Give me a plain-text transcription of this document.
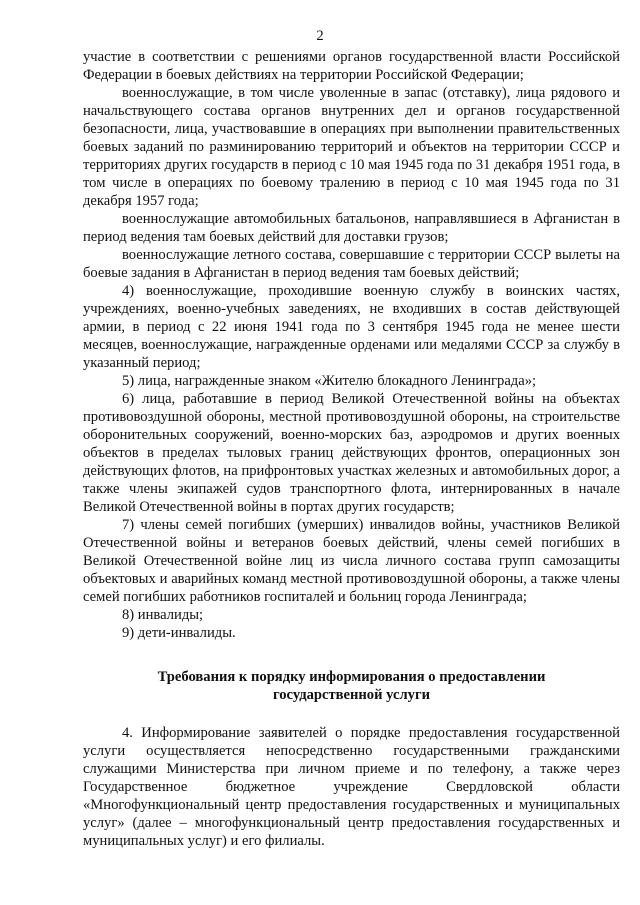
2

участие в соответствии с решениями органов государственной власти Российской Федерации в боевых действиях на территории Российской Федерации;

военнослужащие, в том числе уволенные в запас (отставку), лица рядового и начальствующего состава органов внутренних дел и органов государственной безопасности, лица, участвовавшие в операциях при выполнении правительственных боевых заданий по разминированию территорий и объектов на территории СССР и территориях других государств в период с 10 мая 1945 года по 31 декабря 1951 года, в том числе в операциях по боевому тралению в период с 10 мая 1945 года по 31 декабря 1957 года;

военнослужащие автомобильных батальонов, направлявшиеся в Афганистан в период ведения там боевых действий для доставки грузов;

военнослужащие летного состава, совершавшие с территории СССР вылеты на боевые задания в Афганистан в период ведения там боевых действий;

4) военнослужащие, проходившие военную службу в воинских частях, учреждениях, военно-учебных заведениях, не входивших в состав действующей армии, в период с 22 июня 1941 года по 3 сентября 1945 года не менее шести месяцев, военнослужащие, награжденные орденами или медалями СССР за службу в указанный период;

5) лица, награжденные знаком «Жителю блокадного Ленинграда»;

6) лица, работавшие в период Великой Отечественной войны на объектах противовоздушной обороны, местной противовоздушной обороны, на строительстве оборонительных сооружений, военно-морских баз, аэродромов и других военных объектов в пределах тыловых границ действующих фронтов, операционных зон действующих флотов, на прифронтовых участках железных и автомобильных дорог, а также члены экипажей судов транспортного флота, интернированных в начале Великой Отечественной войны в портах других государств;

7) члены семей погибших (умерших) инвалидов войны, участников Великой Отечественной войны и ветеранов боевых действий, члены семей погибших в Великой Отечественной войне лиц из числа личного состава групп самозащиты объектовых и аварийных команд местной противовоздушной обороны, а также члены семей погибших работников госпиталей и больниц города Ленинграда;

8) инвалиды;

9) дети-инвалиды.

Требования к порядку информирования о предоставлении
государственной услуги

4. Информирование заявителей о порядке предоставления государственной услуги осуществляется непосредственно государственными гражданскими служащими Министерства при личном приеме и по телефону, а также через Государственное бюджетное учреждение Свердловской области «Многофункциональный центр предоставления государственных и муниципальных услуг» (далее – многофункциональный центр предоставления государственных и муниципальных услуг) и его филиалы.
